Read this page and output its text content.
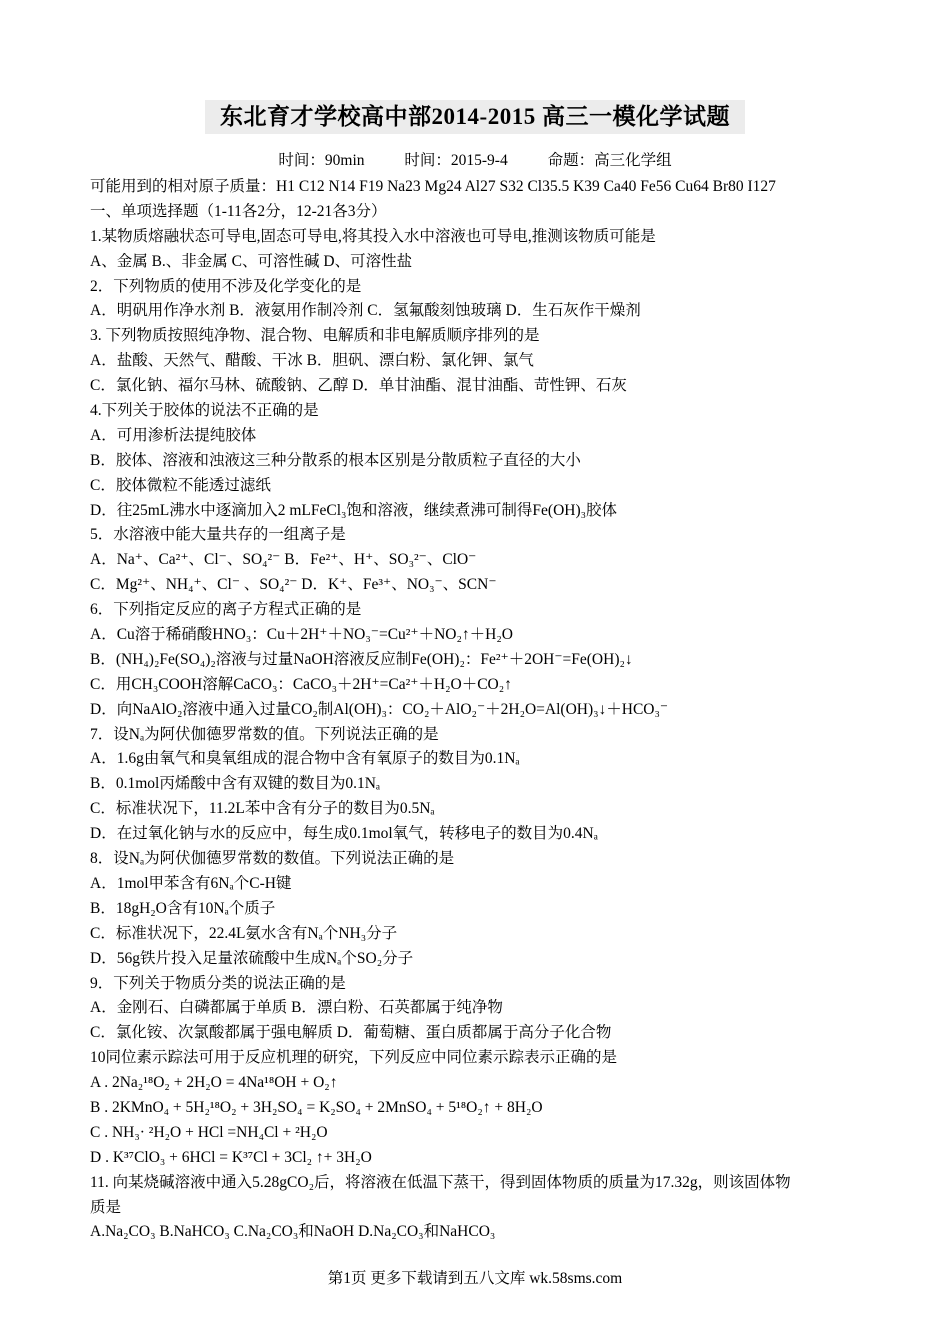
东北育才学校高中部2014-2015 高三一模化学试题
时间：90min	时间：2015-9-4	命题：高三化学组
可能用到的相对原子质量：H1 C12 N14 F19 Na23 Mg24 Al27 S32 Cl35.5 K39 Ca40 Fe56 Cu64 Br80 I127
一、单项选择题（1-11各2分，12-21各3分）
1.某物质熔融状态可导电,固态可导电,将其投入水中溶液也可导电,推测该物质可能是
A、金属 B.、非金属 C、可溶性碱 D、可溶性盐
2．下列物质的使用不涉及化学变化的是
A．明矾用作净水剂 B．液氨用作制冷剂 C．氢氟酸刻蚀玻璃 D．生石灰作干燥剂
3. 下列物质按照纯净物、混合物、电解质和非电解质顺序排列的是
A．盐酸、天然气、醋酸、干冰 B．胆矾、漂白粉、氯化钾、氯气
C．氯化钠、福尔马林、硫酸钠、乙醇 D．单甘油酯、混甘油酯、苛性钾、石灰
4.下列关于胶体的说法不正确的是
A．可用渗析法提纯胶体
B．胶体、溶液和浊液这三种分散系的根本区别是分散质粒子直径的大小
C．胶体微粒不能透过滤纸
D．往25mL沸水中逐滴加入2 mLFeCl₃饱和溶液，继续煮沸可制得Fe(OH)₃胶体
5．水溶液中能大量共存的一组离子是
A．Na⁺、Ca²⁺、Cl⁻、SO₄²⁻ B．Fe²⁺、H⁺、SO₃²⁻、ClO⁻
C．Mg²⁺、NH₄⁺、Cl⁻ 、SO₄²⁻ D．K⁺、Fe³⁺、NO₃⁻、SCN⁻
6．下列指定反应的离子方程式正确的是
A．Cu溶于稀硝酸HNO₃：Cu＋2H⁺＋NO₃⁻=Cu²⁺＋NO₂↑＋H₂O
B．(NH₄)₂Fe(SO₄)₂溶液与过量NaOH溶液反应制Fe(OH)₂：Fe²⁺＋2OH⁻=Fe(OH)₂↓
C．用CH₃COOH溶解CaCO₃：CaCO₃＋2H⁺=Ca²⁺＋H₂O＋CO₂↑
D．向NaAlO₂溶液中通入过量CO₂制Al(OH)₃：CO₂＋AlO₂⁻＋2H₂O=Al(OH)₃↓＋HCO₃⁻
7．设Nₐ为阿伏伽德罗常数的值。下列说法正确的是
A．1.6g由氧气和臭氧组成的混合物中含有氧原子的数目为0.1Nₐ
B．0.1mol丙烯酸中含有双键的数目为0.1Nₐ
C．标准状况下，11.2L苯中含有分子的数目为0.5Nₐ
D．在过氧化钠与水的反应中，每生成0.1mol氧气，转移电子的数目为0.4Nₐ
8．设Nₐ为阿伏伽德罗常数的数值。下列说法正确的是
A．1mol甲苯含有6Nₐ个C-H键
B．18gH₂O含有10Nₐ个质子
C．标准状况下，22.4L氨水含有Nₐ个NH₃分子
D．56g铁片投入足量浓硫酸中生成Nₐ个SO₂分子
9．下列关于物质分类的说法正确的是
A．金刚石、白磷都属于单质 B．漂白粉、石英都属于纯净物
C．氯化铵、次氯酸都属于强电解质 D．葡萄糖、蛋白质都属于高分子化合物
10同位素示踪法可用于反应机理的研究，下列反应中同位素示踪表示正确的是
A . 2Na₂¹⁸O₂ + 2H₂O = 4Na¹⁸OH + O₂↑
B . 2KMnO₄ + 5H₂¹⁸O₂ + 3H₂SO₄ = K₂SO₄ + 2MnSO₄ + 5¹⁸O₂↑ + 8H₂O
C . NH₃· ²H₂O + HCl =NH₄Cl + ²H₂O
D . K³⁷ClO₃ + 6HCl = K³⁷Cl + 3Cl₂ ↑+ 3H₂O
11. 向某烧碱溶液中通入5.28gCO₂后，将溶液在低温下蒸干，得到固体物质的质量为17.32g，则该固体物
质是
A.Na₂CO₃ B.NaHCO₃ C.Na₂CO₃和NaOH D.Na₂CO₃和NaHCO₃
第1页 更多下载请到五八文库 wk.58sms.com
